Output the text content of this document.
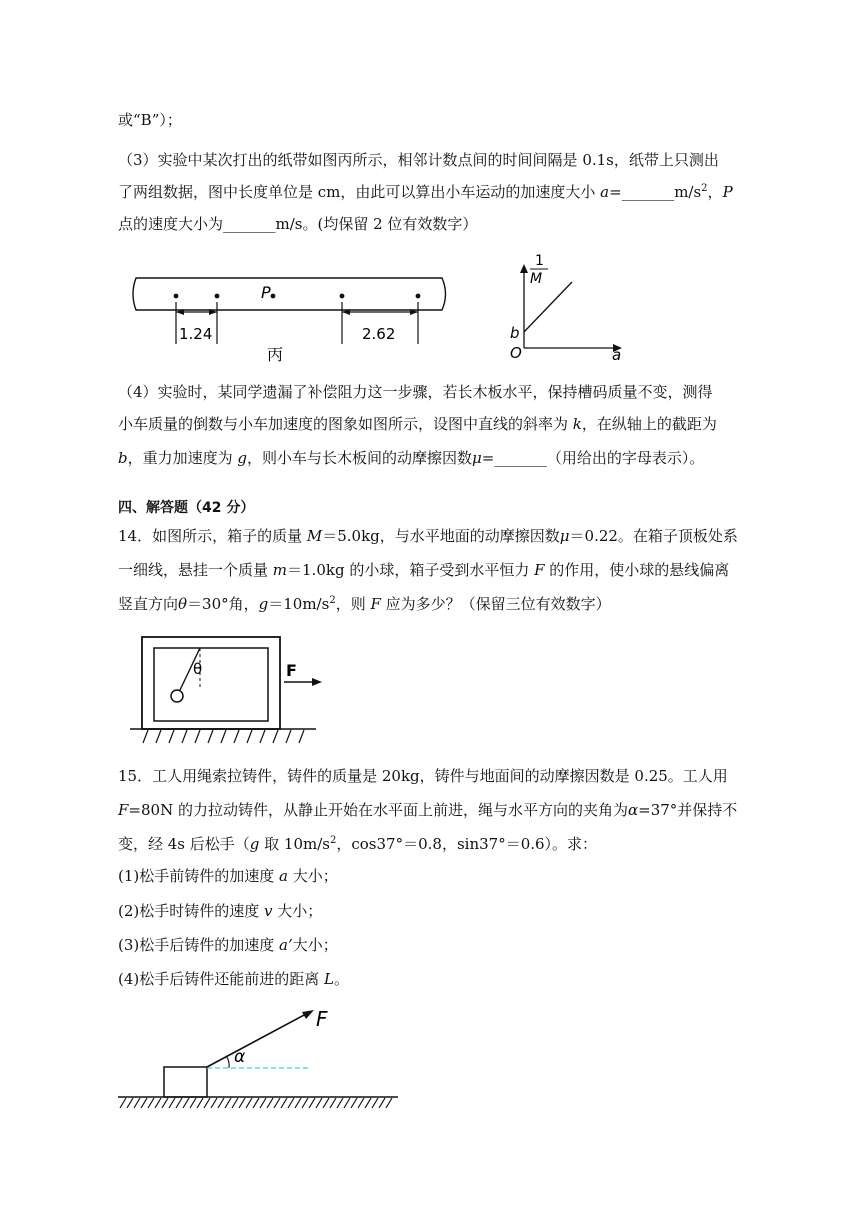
或“B”）；
（3）实验中某次打出的纸带如图丙所示，相邻计数点间的时间间隔是 0.1s，纸带上只测出
了两组数据，图中长度单位是 cm，由此可以算出小车运动的加速度大小 $a=\_\_\_\_\_\_\_m/s^2$，P
点的速度大小为_______m/s。(均保留 2 位有效数字）
P
1.24	2.62
丙
1
M
b
O	a
（4）实验时，某同学遗漏了补偿阻力这一步骤，若长木板水平，保持槽码质量不变，测得
小车质量的倒数与小车加速度的图象如图所示，设图中直线的斜率为 k，在纵轴上的截距为
b，重力加速度为 g，则小车与长木板间的动摩擦因数μ=_______（用给出的字母表示）。
四、解答题（42 分）
14．如图所示，箱子的质量 M＝5.0kg，与水平地面的动摩擦因数μ＝0.22。在箱子顶板处系
一细线，悬挂一个质量 m＝1.0kg 的小球，箱子受到水平恒力 F 的作用，使小球的悬线偏离
竖直方向θ＝30°角，$g=10m/s^2$，则 F 应为多少？（保留三位有效数字）
θ	F
15．工人用绳索拉铸件，铸件的质量是 20kg，铸件与地面间的动摩擦因数是 0.25。工人用
F=80N 的力拉动铸件，从静止开始在水平面上前进，绳与水平方向的夹角为α=37°并保持不
变，经 4s 后松手（g 取 $10m/s^2$，cos37°＝0.8，sin37°＝0.6）。求：
(1)松手前铸件的加速度 a 大小；
(2)松手时铸件的速度 v 大小；
(3)松手后铸件的加速度 a’大小；
(4)松手后铸件还能前进的距离 L。
F
α
